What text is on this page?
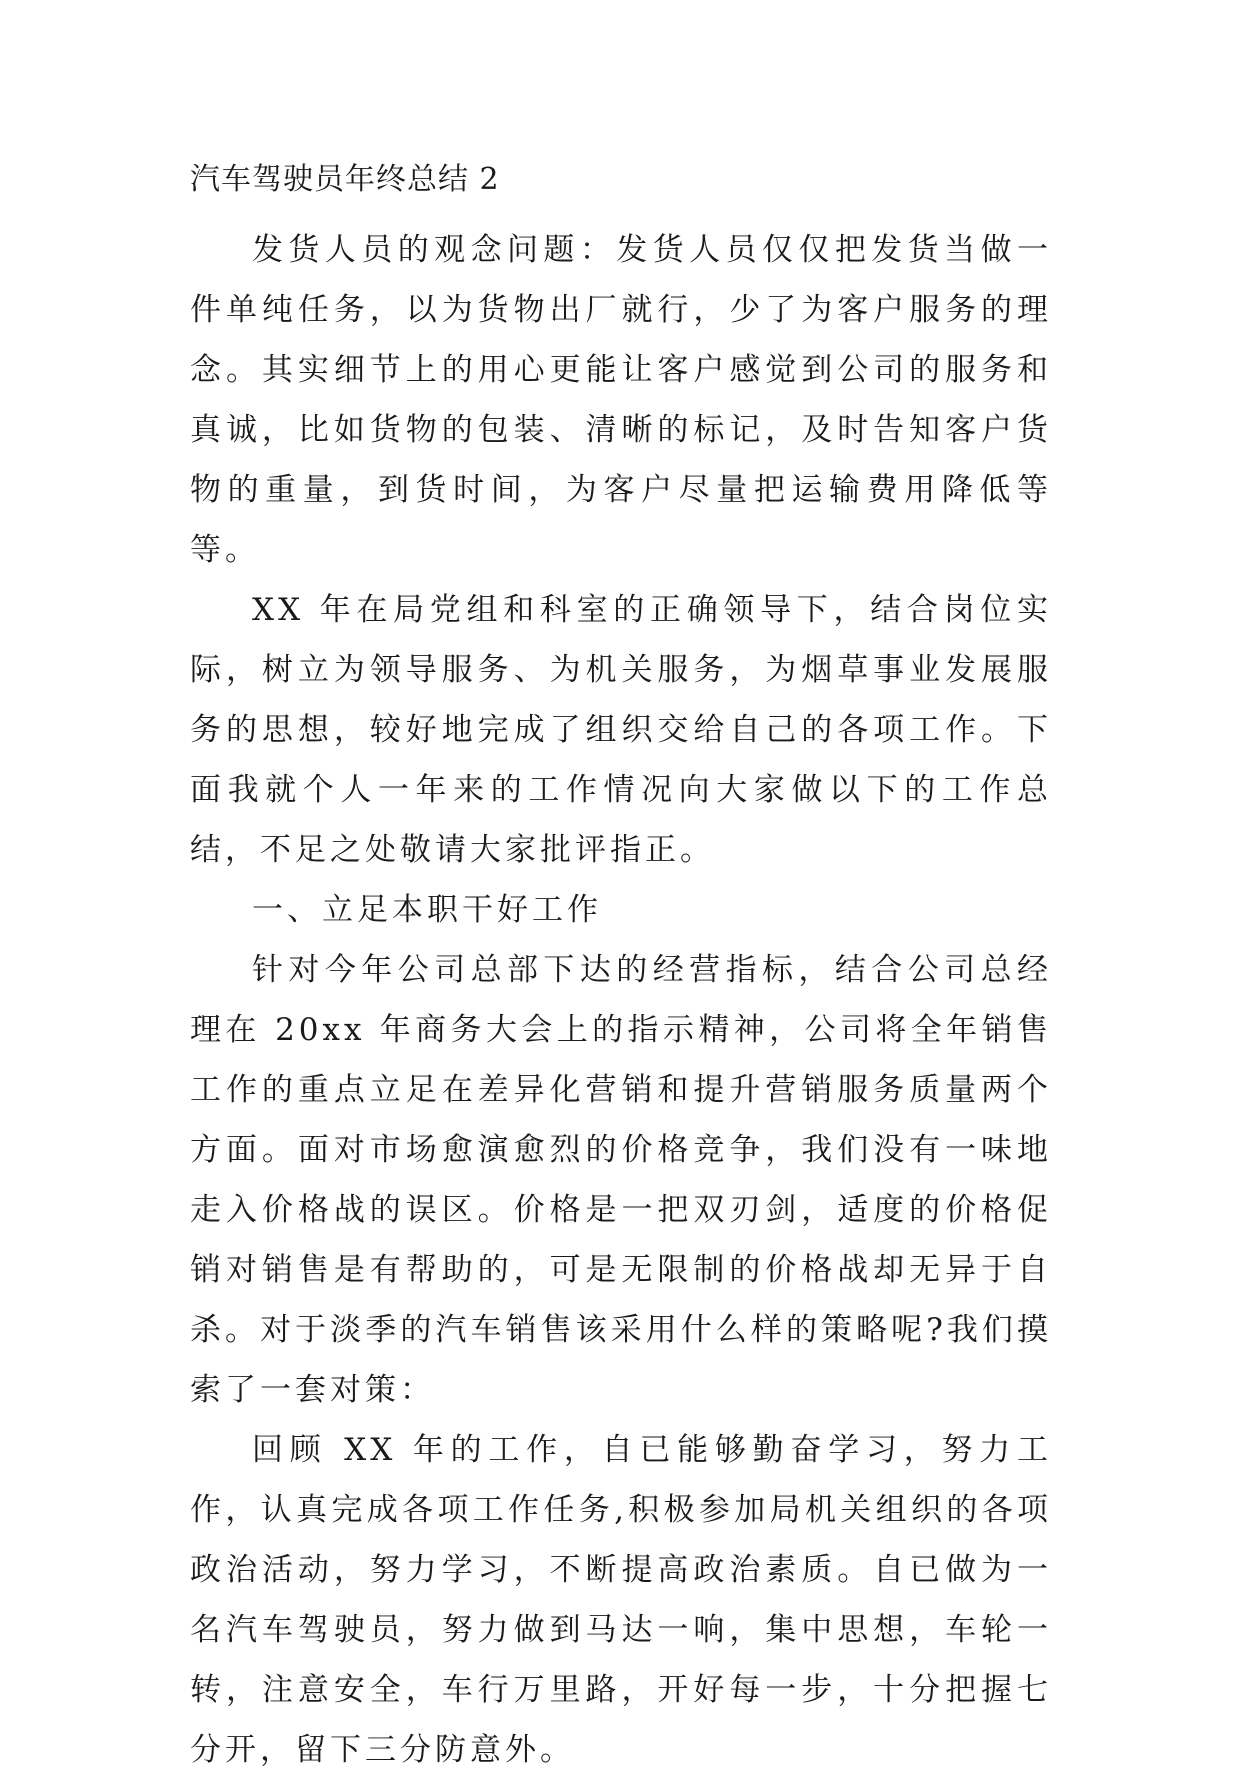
汽车驾驶员年终总结 2

发货人员的观念问题：发货人员仅仅把发货当做一件单纯任务，以为货物出厂就行，少了为客户服务的理念。其实细节上的用心更能让客户感觉到公司的服务和真诚，比如货物的包装、清晰的标记，及时告知客户货物的重量，到货时间，为客户尽量把运输费用降低等等。

XX 年在局党组和科室的正确领导下，结合岗位实际，树立为领导服务、为机关服务，为烟草事业发展服务的思想，较好地完成了组织交给自己的各项工作。下面我就个人一年来的工作情况向大家做以下的工作总结，不足之处敬请大家批评指正。

一、立足本职干好工作

针对今年公司总部下达的经营指标，结合公司总经理在 20xx 年商务大会上的指示精神，公司将全年销售工作的重点立足在差异化营销和提升营销服务质量两个方面。面对市场愈演愈烈的价格竞争，我们没有一味地走入价格战的误区。价格是一把双刃剑，适度的价格促销对销售是有帮助的，可是无限制的价格战却无异于自杀。对于淡季的汽车销售该采用什么样的策略呢?我们摸索了一套对策：

回顾 XX 年的工作，自已能够勤奋学习，努力工作，认真完成各项工作任务,积极参加局机关组织的各项政治活动，努力学习，不断提高政治素质。自已做为一名汽车驾驶员，努力做到马达一响，集中思想，车轮一转，注意安全，车行万里路，开好每一步，十分把握七分开，留下三分防意外。
